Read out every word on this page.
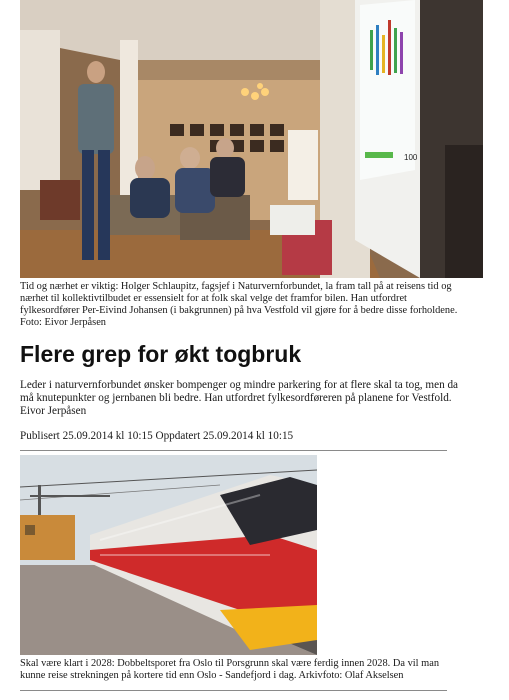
100
Tid og nærhet er viktig: Holger Schlaupitz, fagsjef i Naturvernforbundet, la fram tall på at reisens tid og nærhet til kollektivtilbudet er essensielt for at folk skal velge det framfor bilen. Han utfordret fylkesordfører Per-Eivind Johansen (i bakgrunnen) på hva Vestfold vil gjøre for å bedre disse forholdene. Foto: Eivor Jerpåsen
Flere grep for økt togbruk
Leder i naturvernforbundet ønsker bompenger og mindre parkering for at flere skal ta tog, men da må knutepunkter og jernbanen bli bedre. Han utfordret fylkesordføreren på planene for Vestfold. Eivor Jerpåsen
Publisert 25.09.2014 kl 10:15 Oppdatert 25.09.2014 kl 10:15
Skal være klart i 2028: Dobbeltsporet fra Oslo til Porsgrunn skal være ferdig innen 2028. Da vil man kunne reise strekningen på kortere tid enn Oslo - Sandefjord i dag. Arkivfoto: Olaf Akselsen
